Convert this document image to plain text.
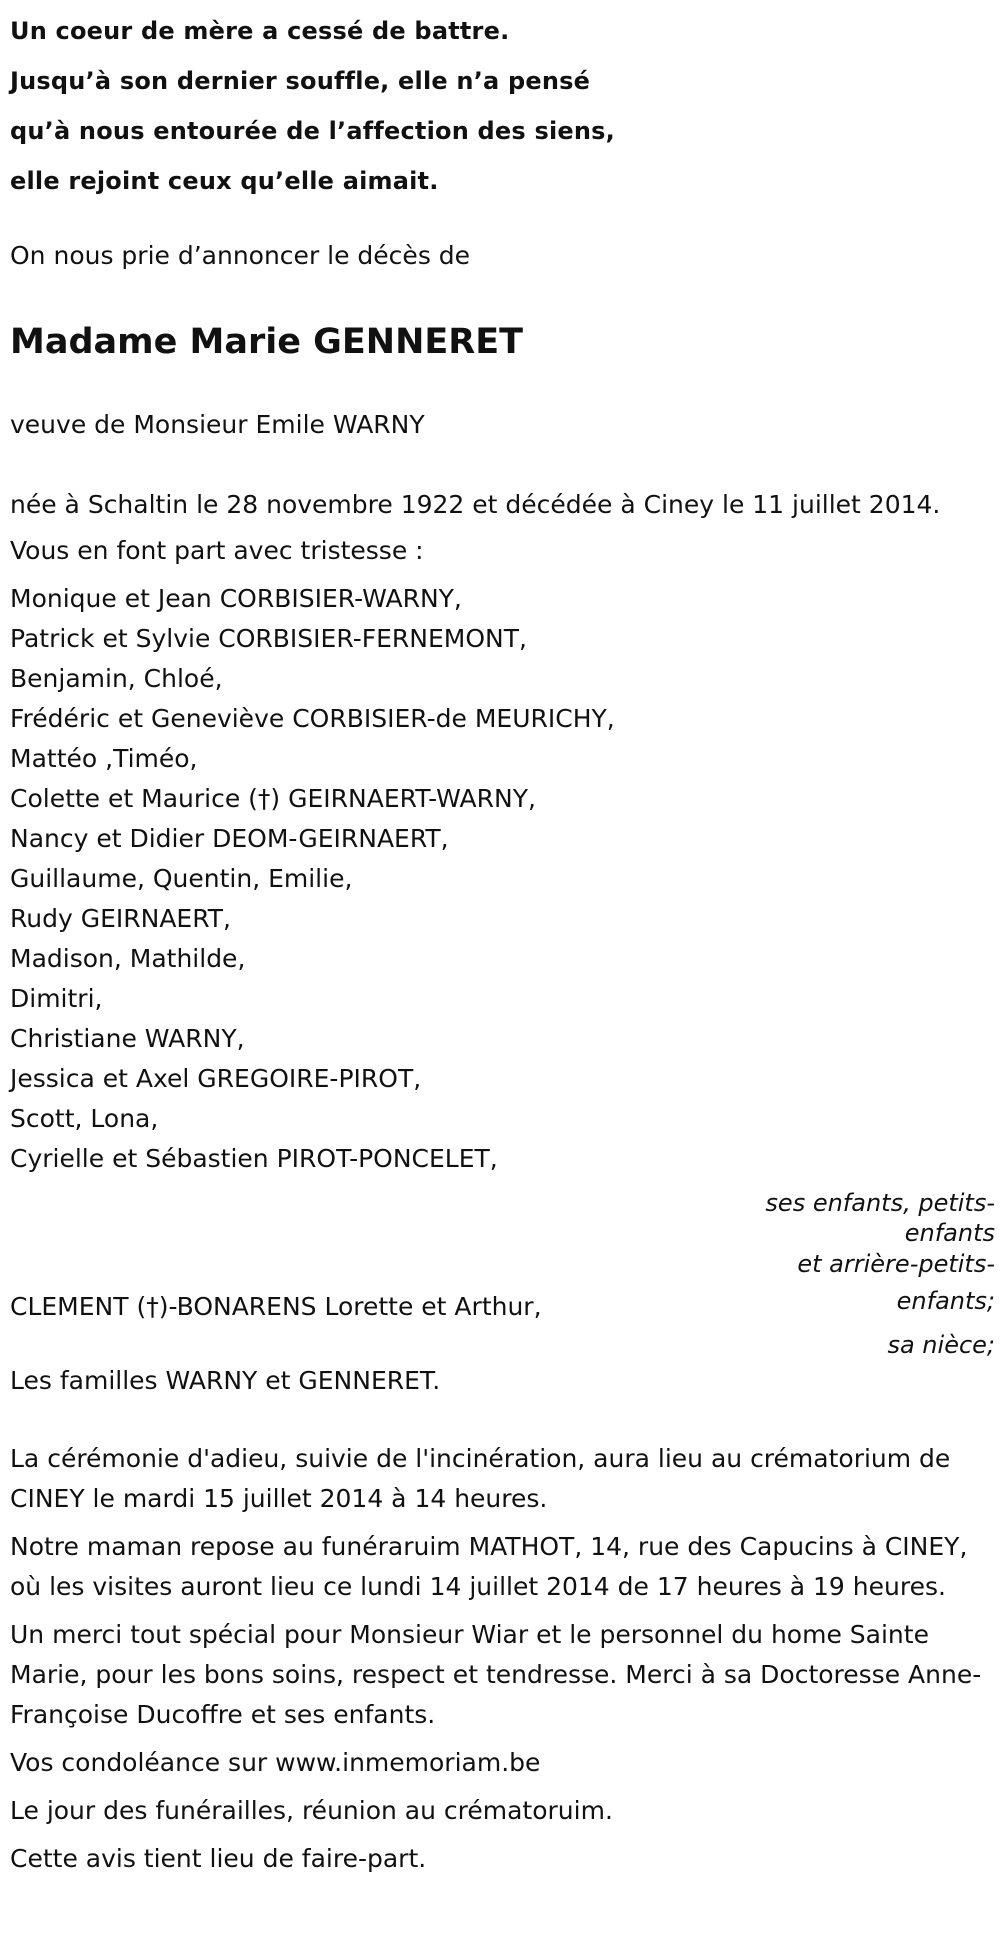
Un coeur de mère a cessé de battre.
Jusqu’à son dernier souffle, elle n’a pensé
qu’à nous entourée de l’affection des siens,
elle rejoint ceux qu’elle aimait.

On nous prie d’annoncer le décès de

Madame Marie GENNERET

veuve de Monsieur Emile WARNY

née à Schaltin le 28 novembre 1922 et décédée à Ciney le 11 juillet 2014.

Vous en font part avec tristesse :

Monique et Jean CORBISIER-WARNY,
Patrick et Sylvie CORBISIER-FERNEMONT,
Benjamin, Chloé,
Frédéric et Geneviève CORBISIER-de MEURICHY,
Mattéo ,Timéo,
Colette et Maurice (†) GEIRNAERT-WARNY,
Nancy et Didier DEOM-GEIRNAERT,
Guillaume, Quentin, Emilie,
Rudy GEIRNAERT,
Madison, Mathilde,
Dimitri,
Christiane WARNY,
Jessica et Axel GREGOIRE-PIROT,
Scott, Lona,
Cyrielle et Sébastien PIROT-PONCELET,
ses enfants, petits-
enfants
et arrière-petits-
enfants;
CLEMENT (†)-BONARENS Lorette et Arthur,
sa nièce;

Les familles WARNY et GENNERET.

La cérémonie d'adieu, suivie de l'incinération, aura lieu au crématorium de CINEY le mardi 15 juillet 2014 à 14 heures.

Notre maman repose au funéraruim MATHOT, 14, rue des Capucins à CINEY, où les visites auront lieu ce lundi 14 juillet 2014 de 17 heures à 19 heures.

Un merci tout spécial pour Monsieur Wiar et le personnel du home Sainte Marie, pour les bons soins, respect et tendresse. Merci à sa Doctoresse Anne-Françoise Ducoffre et ses enfants.

Vos condoléance sur www.inmemoriam.be

Le jour des funérailles, réunion au crématoruim.

Cette avis tient lieu de faire-part.
